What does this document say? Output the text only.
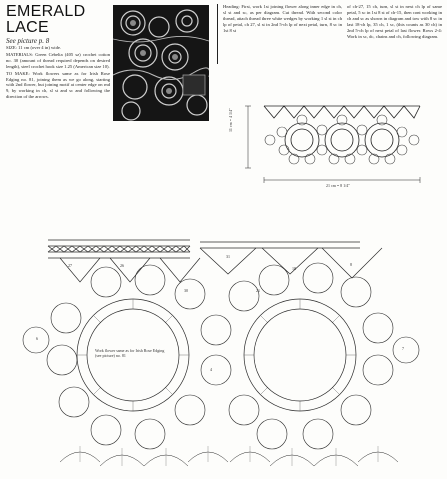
EMERALD
LACE
See picture p. 8

SIZE: 11 cm (over 4 in) wide.

MATERIALS: Green Cebelia (405 sz) crochet cotton no. 30 (amount of thread required depends on desired length), steel crochet hook size 1.25 (American size 10).

TO MAKE: Work flowers same as for Irish Rose Edging no. 81, joining them as we go along, starting with 2nd flower, but joining motif at center edge on rnd 9, by working in ch, sl st and sc and following the direction of the arrows.

Heading: First, work 1st joining flower along inner edge in ch, sl st and sc, as per diagram. Cut thread. With second color thread, attach thread three white wedges by working 1 sl st in ch lp of petal, ch 27, sl st in 2nd 5-ch lp of next petal, turn, 8 sc in 1st 8 st
of ch-27, 15 ch, turn, sl st in next ch lp of same petal, 5 sc in 1st 8 st of ch-15, then cont working in ch and sc as shown in diagram and tow with 8 sc in last 18-ch lp, 35 ch, 1 sc, (this counts as 30 ch) in 2nd 5-ch lp of next petal of last flower. Rows 2-4: Work in sc, dc, chains and ch, following diagram.
11 cm = 4 1/4"
21 cm = 8 1/4"
Work flower same as for Irish Rose Edging (see picture) no. 81
27	26
31
30	21
18
8
6
7
4
